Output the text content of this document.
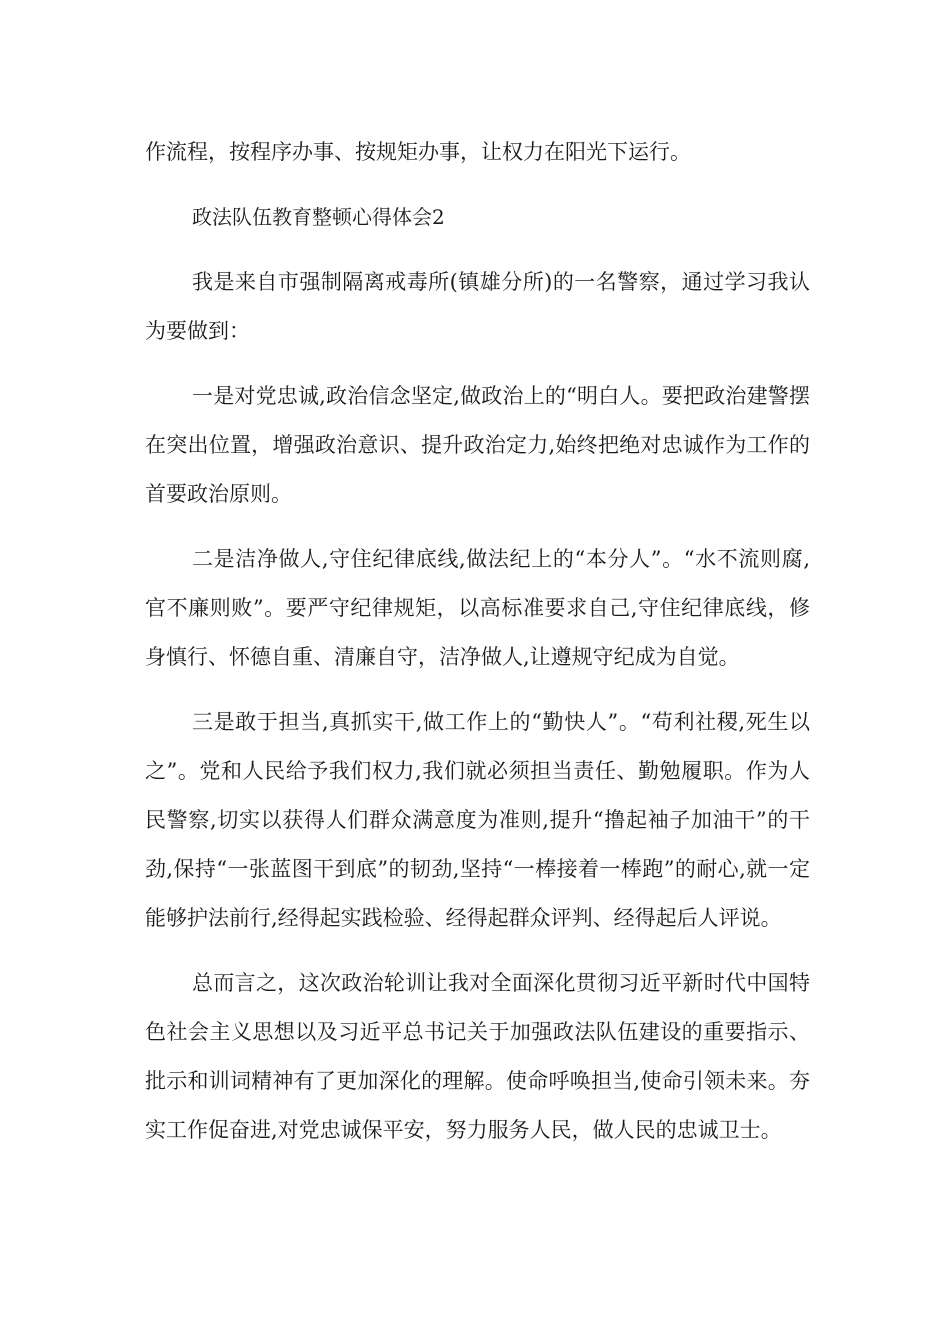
作流程，按程序办事、按规矩办事，让权力在阳光下运行。

政法队伍教育整顿心得体会2

我是来自市强制隔离戒毒所(镇雄分所)的一名警察，通过学习我认为要做到：

一是对党忠诚,政治信念坚定,做政治上的“明白人。要把政治建警摆在突出位置，增强政治意识、提升政治定力,始终把绝对忠诚作为工作的首要政治原则。

二是洁净做人,守住纪律底线,做法纪上的“本分人”。“水不流则腐,官不廉则败”。要严守纪律规矩，以高标准要求自己,守住纪律底线，修身慎行、怀德自重、清廉自守，洁净做人,让遵规守纪成为自觉。

三是敢于担当,真抓实干,做工作上的“勤快人”。“苟利社稷,死生以之”。党和人民给予我们权力,我们就必须担当责任、勤勉履职。作为人民警察,切实以获得人们群众满意度为准则,提升“撸起袖子加油干”的干劲,保持“一张蓝图干到底”的韧劲,坚持“一棒接着一棒跑”的耐心,就一定能够护法前行,经得起实践检验、经得起群众评判、经得起后人评说。

总而言之，这次政治轮训让我对全面深化贯彻习近平新时代中国特色社会主义思想以及习近平总书记关于加强政法队伍建设的重要指示、批示和训词精神有了更加深化的理解。使命呼唤担当,使命引领未来。夯实工作促奋进,对党忠诚保平安，努力服务人民，做人民的忠诚卫士。
